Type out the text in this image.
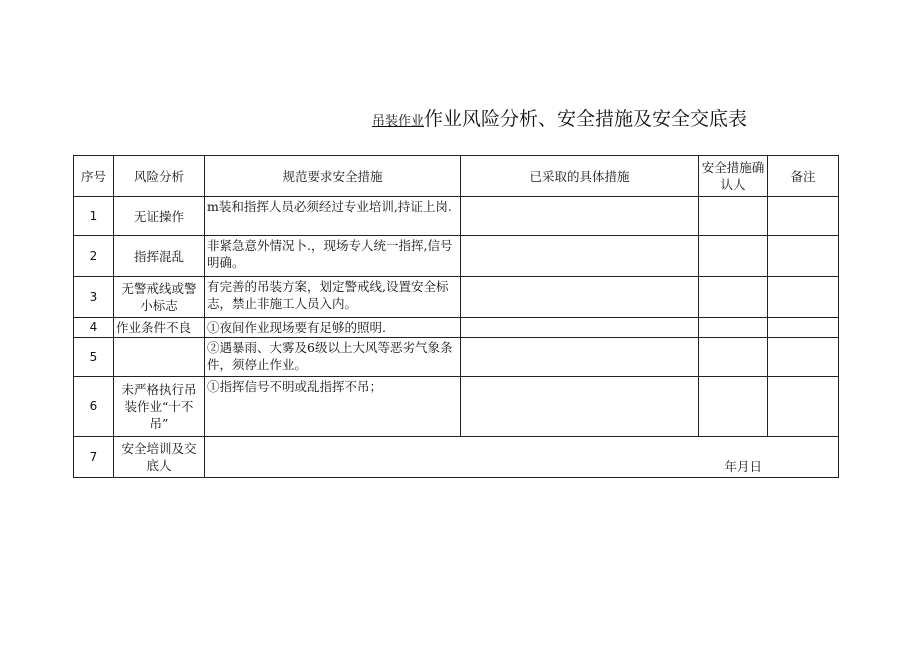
吊装作业作业风险分析、安全措施及安全交底表
序号	风险分析	规范要求安全措施	已采取的具体措施	安全措施确认人	备注
1	无证操作	m装和指挥人员必须经过专业培训,持证上岗.			
2	指挥混乱	非紧急意外情况卜.，现场专人统一指挥,信号明确。			
3	无警戒线或警小标志	有完善的吊装方案，划定警戒线,设置安全标志，禁止非施工人员入内。			
4	作业条件不良	①夜间作业现场要有足够的照明.			
5		②遇暴雨、大雾及6级以上大风等恶劣气象条件，须停止作业。			
6	未严格执行吊装作业“十不吊”	①指挥信号不明或乱指挥不吊；			
7	安全培训及交底人	年月日			
